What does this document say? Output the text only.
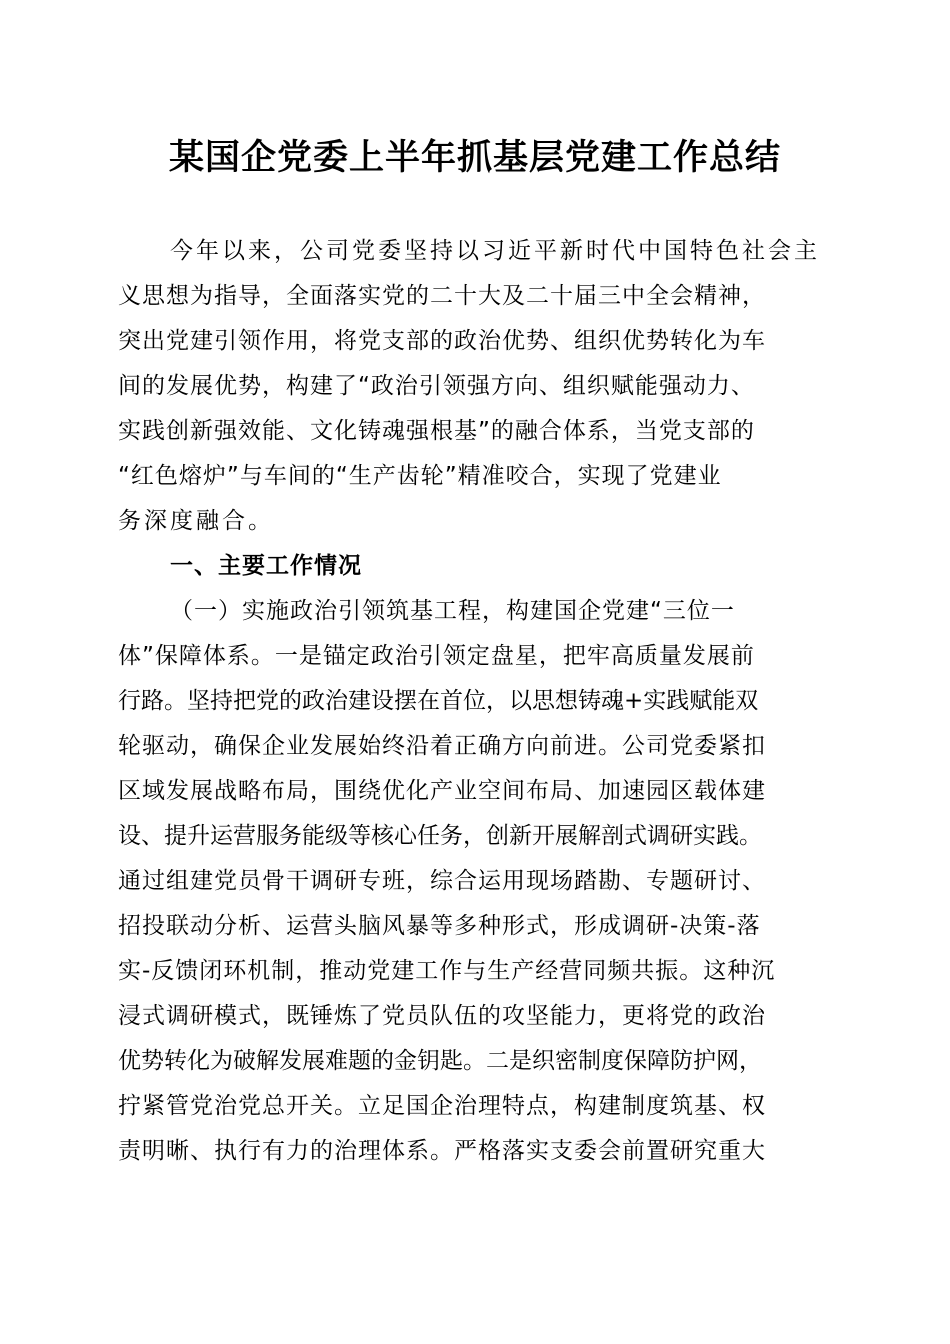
某国企党委上半年抓基层党建工作总结
今年以来，公司党委坚持以习近平新时代中国特色社会主
义思想为指导，全面落实党的二十大及二十届三中全会精神，
突出党建引领作用，将党支部的政治优势、组织优势转化为车
间的发展优势，构建了“政治引领强方向、组织赋能强动力、
实践创新强效能、文化铸魂强根基”的融合体系，当党支部的
“红色熔炉”与车间的“生产齿轮”精准咬合，实现了党建业
务深度融合。
一、主要工作情况
（一）实施政治引领筑基工程，构建国企党建“三位一
体”保障体系。一是锚定政治引领定盘星，把牢高质量发展前
行路。坚持把党的政治建设摆在首位，以思想铸魂+实践赋能双
轮驱动，确保企业发展始终沿着正确方向前进。公司党委紧扣
区域发展战略布局，围绕优化产业空间布局、加速园区载体建
设、提升运营服务能级等核心任务，创新开展解剖式调研实践。
通过组建党员骨干调研专班，综合运用现场踏勘、专题研讨、
招投联动分析、运营头脑风暴等多种形式，形成调研-决策-落
实-反馈闭环机制，推动党建工作与生产经营同频共振。这种沉
浸式调研模式，既锤炼了党员队伍的攻坚能力，更将党的政治
优势转化为破解发展难题的金钥匙。二是织密制度保障防护网，
拧紧管党治党总开关。立足国企治理特点，构建制度筑基、权
责明晰、执行有力的治理体系。严格落实支委会前置研究重大
